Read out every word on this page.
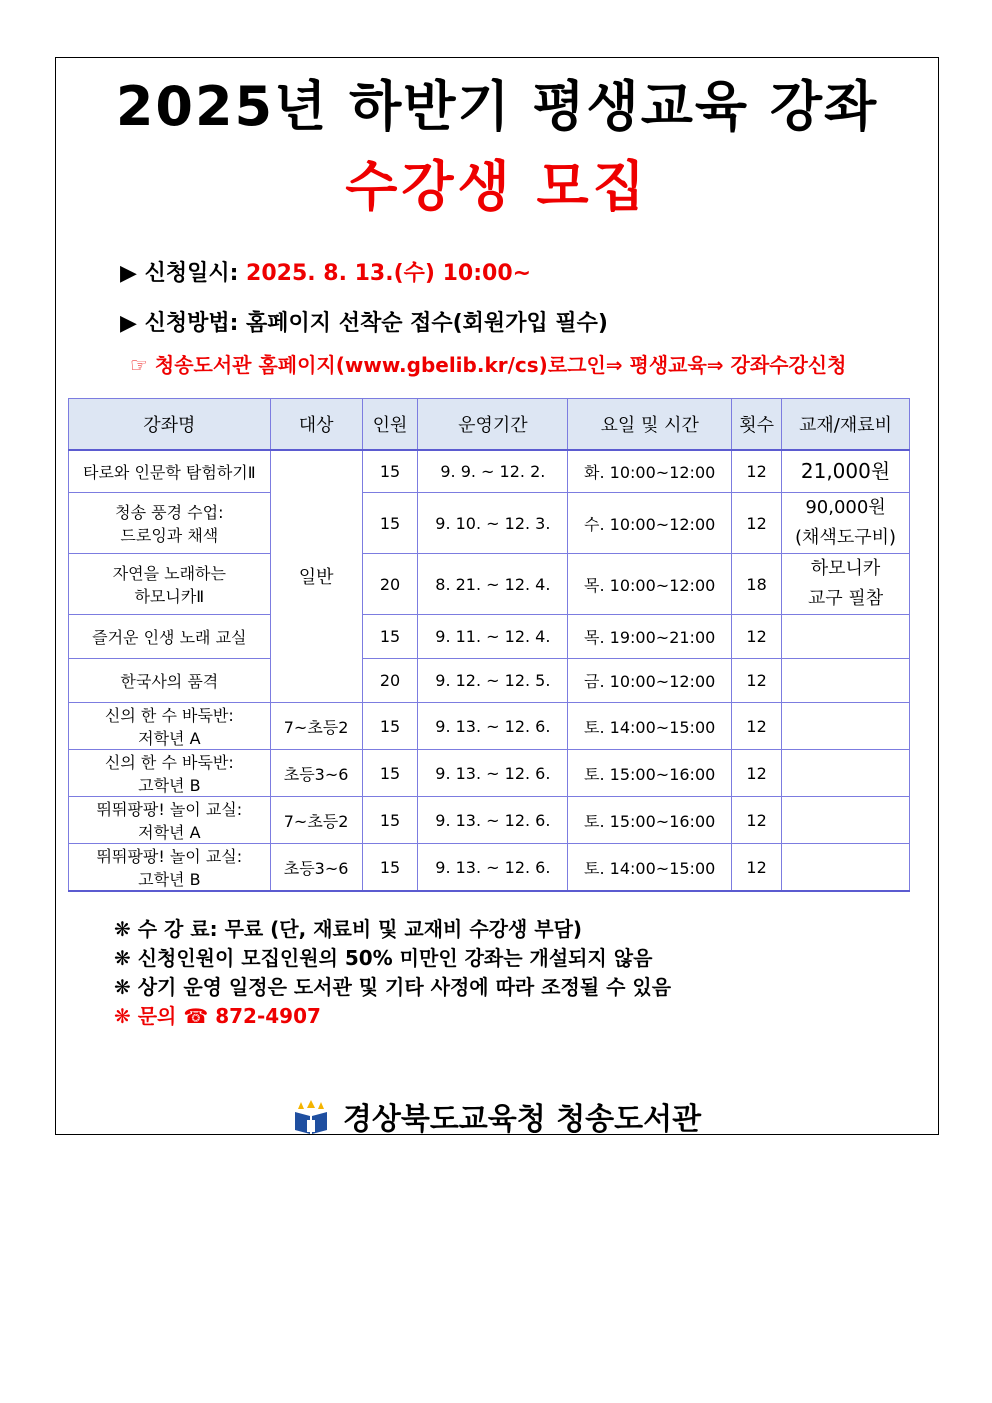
2025년 하반기 평생교육 강좌
수강생 모집
▶ 신청일시: 2025. 8. 13.(수) 10:00~
▶ 신청방법: 홈페이지 선착순 접수(회원가입 필수)
☞ 청송도서관 홈페이지(www.gbelib.kr/cs)로그인⇒ 평생교육⇒ 강좌수강신청
강좌명	대상	인원	운영기간	요일 및 시간	횟수	교재/재료비
타로와 인문학 탐험하기Ⅱ	일반	15	9. 9. ~ 12. 2.	화. 10:00~12:00	12	21,000원
청송 풍경 수업:
드로잉과 채색		15	9. 10. ~ 12. 3.	수. 10:00~12:00	12	90,000원
(채색도구비)
자연을 노래하는
하모니카Ⅱ		20	8. 21. ~ 12. 4.	목. 10:00~12:00	18	하모니카
교구 필참
즐거운 인생 노래 교실		15	9. 11. ~ 12. 4.	목. 19:00~21:00	12	
한국사의 품격		20	9. 12. ~ 12. 5.	금. 10:00~12:00	12	
신의 한 수 바둑반:
저학년 A	7~초등2	15	9. 13. ~ 12. 6.	토. 14:00~15:00	12	
신의 한 수 바둑반:
고학년 B	초등3~6	15	9. 13. ~ 12. 6.	토. 15:00~16:00	12	
뛰뛰팡팡! 놀이 교실:
저학년 A	7~초등2	15	9. 13. ~ 12. 6.	토. 15:00~16:00	12	
뛰뛰팡팡! 놀이 교실:
고학년 B	초등3~6	15	9. 13. ~ 12. 6.	토. 14:00~15:00	12	
❋ 수 강 료: 무료 (단, 재료비 및 교재비 수강생 부담)
❋ 신청인원이 모집인원의 50% 미만인 강좌는 개설되지 않음
❋ 상기 운영 일정은 도서관 및 기타 사정에 따라 조정될 수 있음
❋ 문의 ☎ 872-4907
경상북도교육청 청송도서관
